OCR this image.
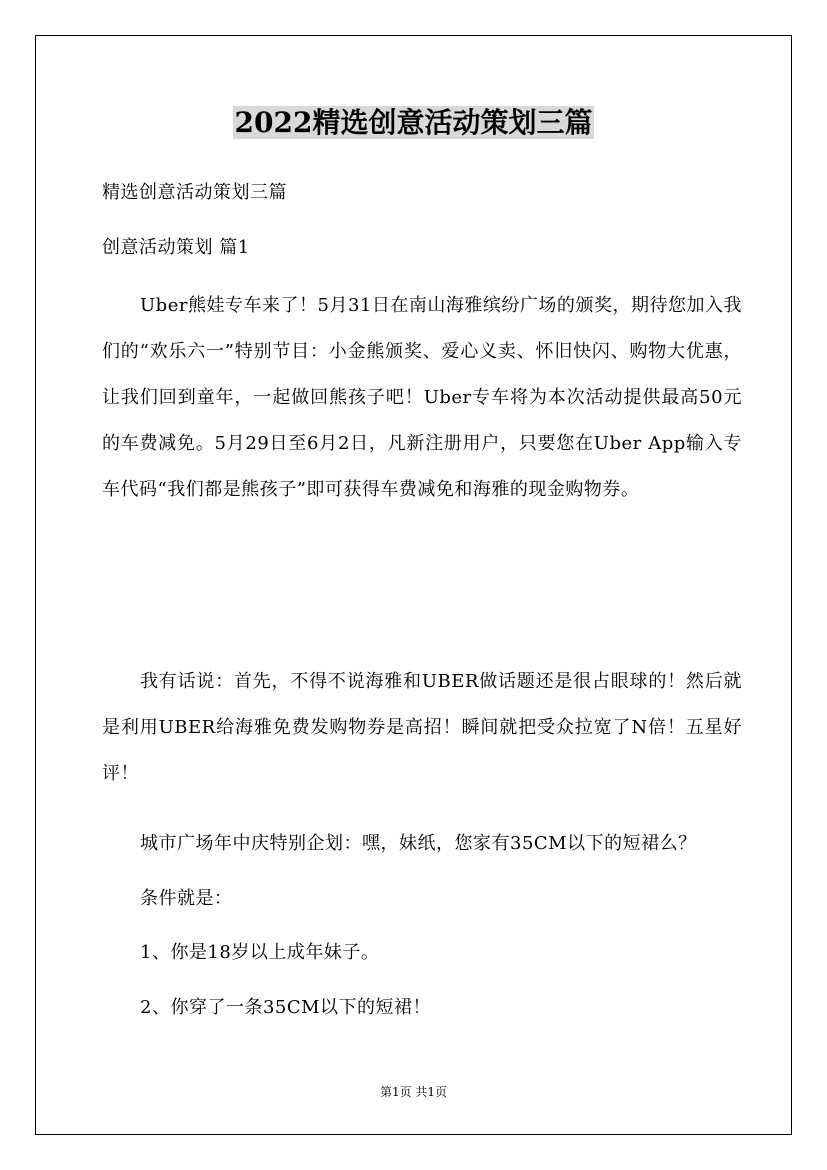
2022精选创意活动策划三篇

精选创意活动策划三篇

创意活动策划 篇1

Uber熊娃专车来了！5月31日在南山海雅缤纷广场的颁奖，期待您加入我们的“欢乐六一”特别节目：小金熊颁奖、爱心义卖、怀旧快闪、购物大优惠，让我们回到童年，一起做回熊孩子吧！Uber专车将为本次活动提供最高50元的车费减免。5月29日至6月2日，凡新注册用户，只要您在Uber App输入专车代码“我们都是熊孩子”即可获得车费减免和海雅的现金购物券。

我有话说：首先，不得不说海雅和UBER做话题还是很占眼球的！然后就是利用UBER给海雅免费发购物券是高招！瞬间就把受众拉宽了N倍！五星好评！

城市广场年中庆特别企划：嘿，妹纸，您家有35CM以下的短裙么？

条件就是：

1、你是18岁以上成年妹子。

2、你穿了一条35CM以下的短裙！

第1页 共1页
